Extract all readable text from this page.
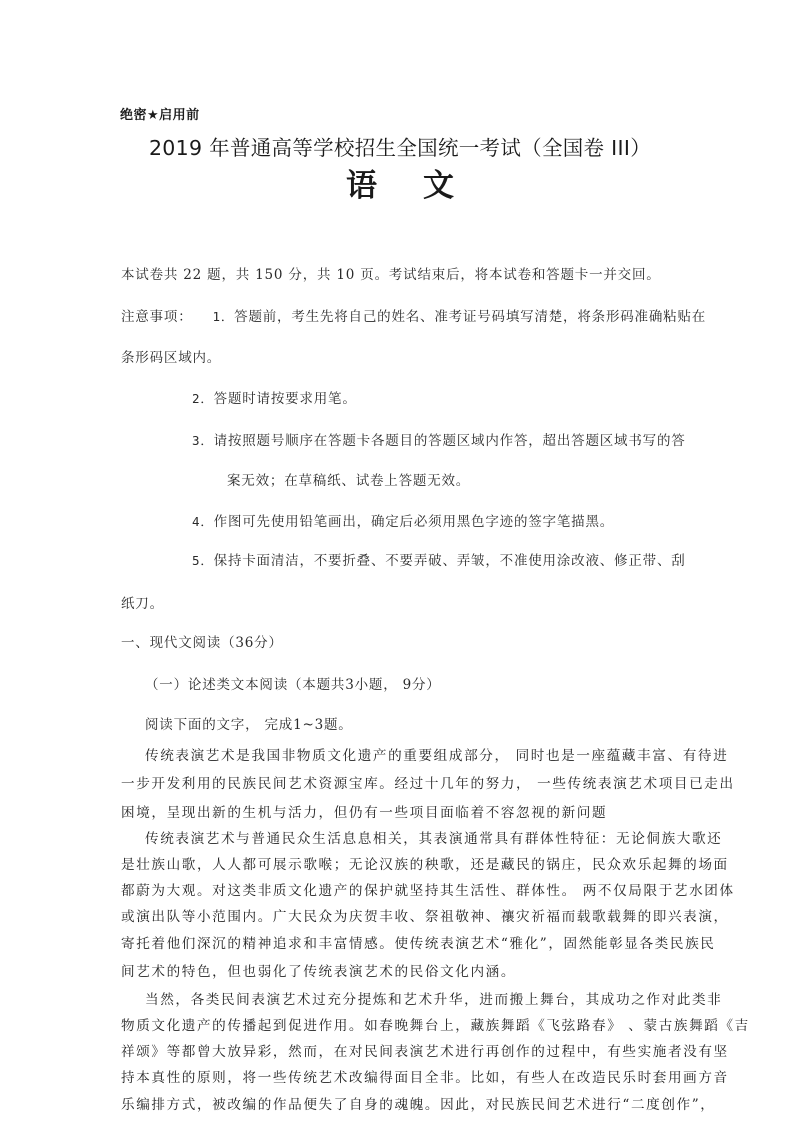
绝密★启用前
2019 年普通高等学校招生全国统一考试（全国卷 III）
语 文
本试卷共 22 题，共 150 分，共 10 页。考试结束后，将本试卷和答题卡一并交回。
注意事项： 1．答题前，考生先将自己的姓名、准考证号码填写清楚，将条形码准确粘贴在
条形码区域内。
2．答题时请按要求用笔。
3．请按照题号顺序在答题卡各题目的答题区域内作答，超出答题区域书写的答
案无效；在草稿纸、试卷上答题无效。
4．作图可先使用铅笔画出，确定后必须用黑色字迹的签字笔描黑。
5．保持卡面清洁，不要折叠、不要弄破、弄皱，不准使用涂改液、修正带、刮
纸刀。
一、现代文阅读（36分）
（一）论述类文本阅读（本题共3小题， 9分）
阅读下面的文字， 完成1~3题。
传统表演艺术是我国非物质文化遗产的重要组成部分， 同时也是一座蕴藏丰富、有待进
一步开发利用的民族民间艺术资源宝库。经过十几年的努力， 一些传统表演艺术项目已走出
困境，呈现出新的生机与活力，但仍有一些项目面临着不容忽视的新问题
传统表演艺术与普通民众生活息息相关，其表演通常具有群体性特征：无论侗族大歌还
是壮族山歌，人人都可展示歌喉；无论汉族的秧歌，还是藏民的锅庄，民众欢乐起舞的场面
都蔚为大观。对这类非质文化遗产的保护就坚持其生活性、群体性。 两不仅局限于艺水团体
或演出队等小范围内。广大民众为庆贺丰收、祭祖敬神、禳灾祈福而载歌载舞的即兴表演，
寄托着他们深沉的精神追求和丰富情感。使传统表演艺术“雅化”，固然能彰显各类民族民
间艺术的特色，但也弱化了传统表演艺术的民俗文化内涵。
当然，各类民间表演艺术过充分提炼和艺术升华，进而搬上舞台，其成功之作对此类非
物质文化遗产的传播起到促进作用。如春晚舞台上，藏族舞蹈《飞弦路春》 、蒙古族舞蹈《吉
祥颂》等都曾大放异彩，然而，在对民间表演艺术进行再创作的过程中，有些实施者没有坚
持本真性的原则，将一些传统艺术改编得面目全非。比如，有些人在改造民乐时套用画方音
乐编排方式，被改编的作品便失了自身的魂魄。因此，对民族民间艺术进行“二度创作”，
